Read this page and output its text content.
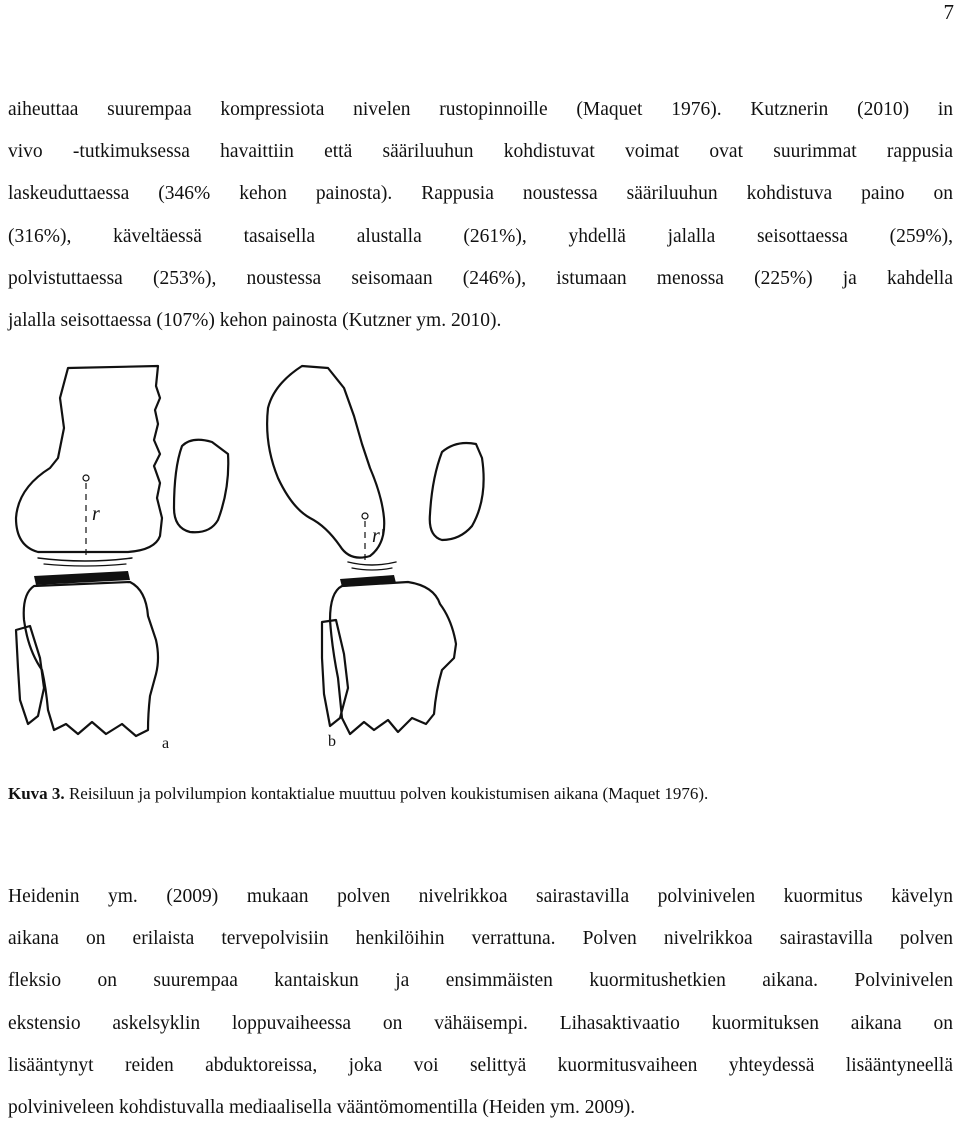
7
aiheuttaa suurempaa kompressiota nivelen rustopinnoille (Maquet 1976). Kutznerin (2010) in
vivo -tutkimuksessa havaittiin että sääriluuhun kohdistuvat voimat ovat suurimmat rappusia
laskeuduttaessa (346% kehon painosta). Rappusia noustessa sääriluuhun kohdistuva paino on
(316%), käveltäessä tasaisella alustalla (261%), yhdellä jalalla seisottaessa (259%),
polvistuttaessa (253%), noustessa seisomaan (246%), istumaan menossa (225%) ja kahdella
jalalla seisottaessa (107%) kehon painosta (Kutzner ym. 2010).
r
r'
a	b
Kuva 3. Reisiluun ja polvilumpion kontaktialue muuttuu polven koukistumisen aikana (Maquet 1976).
Heidenin ym. (2009) mukaan polven nivelrikkoa sairastavilla polvinivelen kuormitus kävelyn
aikana on erilaista tervepolvisiin henkilöihin verrattuna. Polven nivelrikkoa sairastavilla polven
fleksio on suurempaa kantaiskun ja ensimmäisten kuormitushetkien aikana. Polvinivelen
ekstensio askelsyklin loppuvaiheessa on vähäisempi. Lihasaktivaatio kuormituksen aikana on
lisääntynyt reiden abduktoreissa, joka voi selittyä kuormitusvaiheen yhteydessä lisääntyneellä
polviniveleen kohdistuvalla mediaalisella vääntömomentilla (Heiden ym. 2009).
